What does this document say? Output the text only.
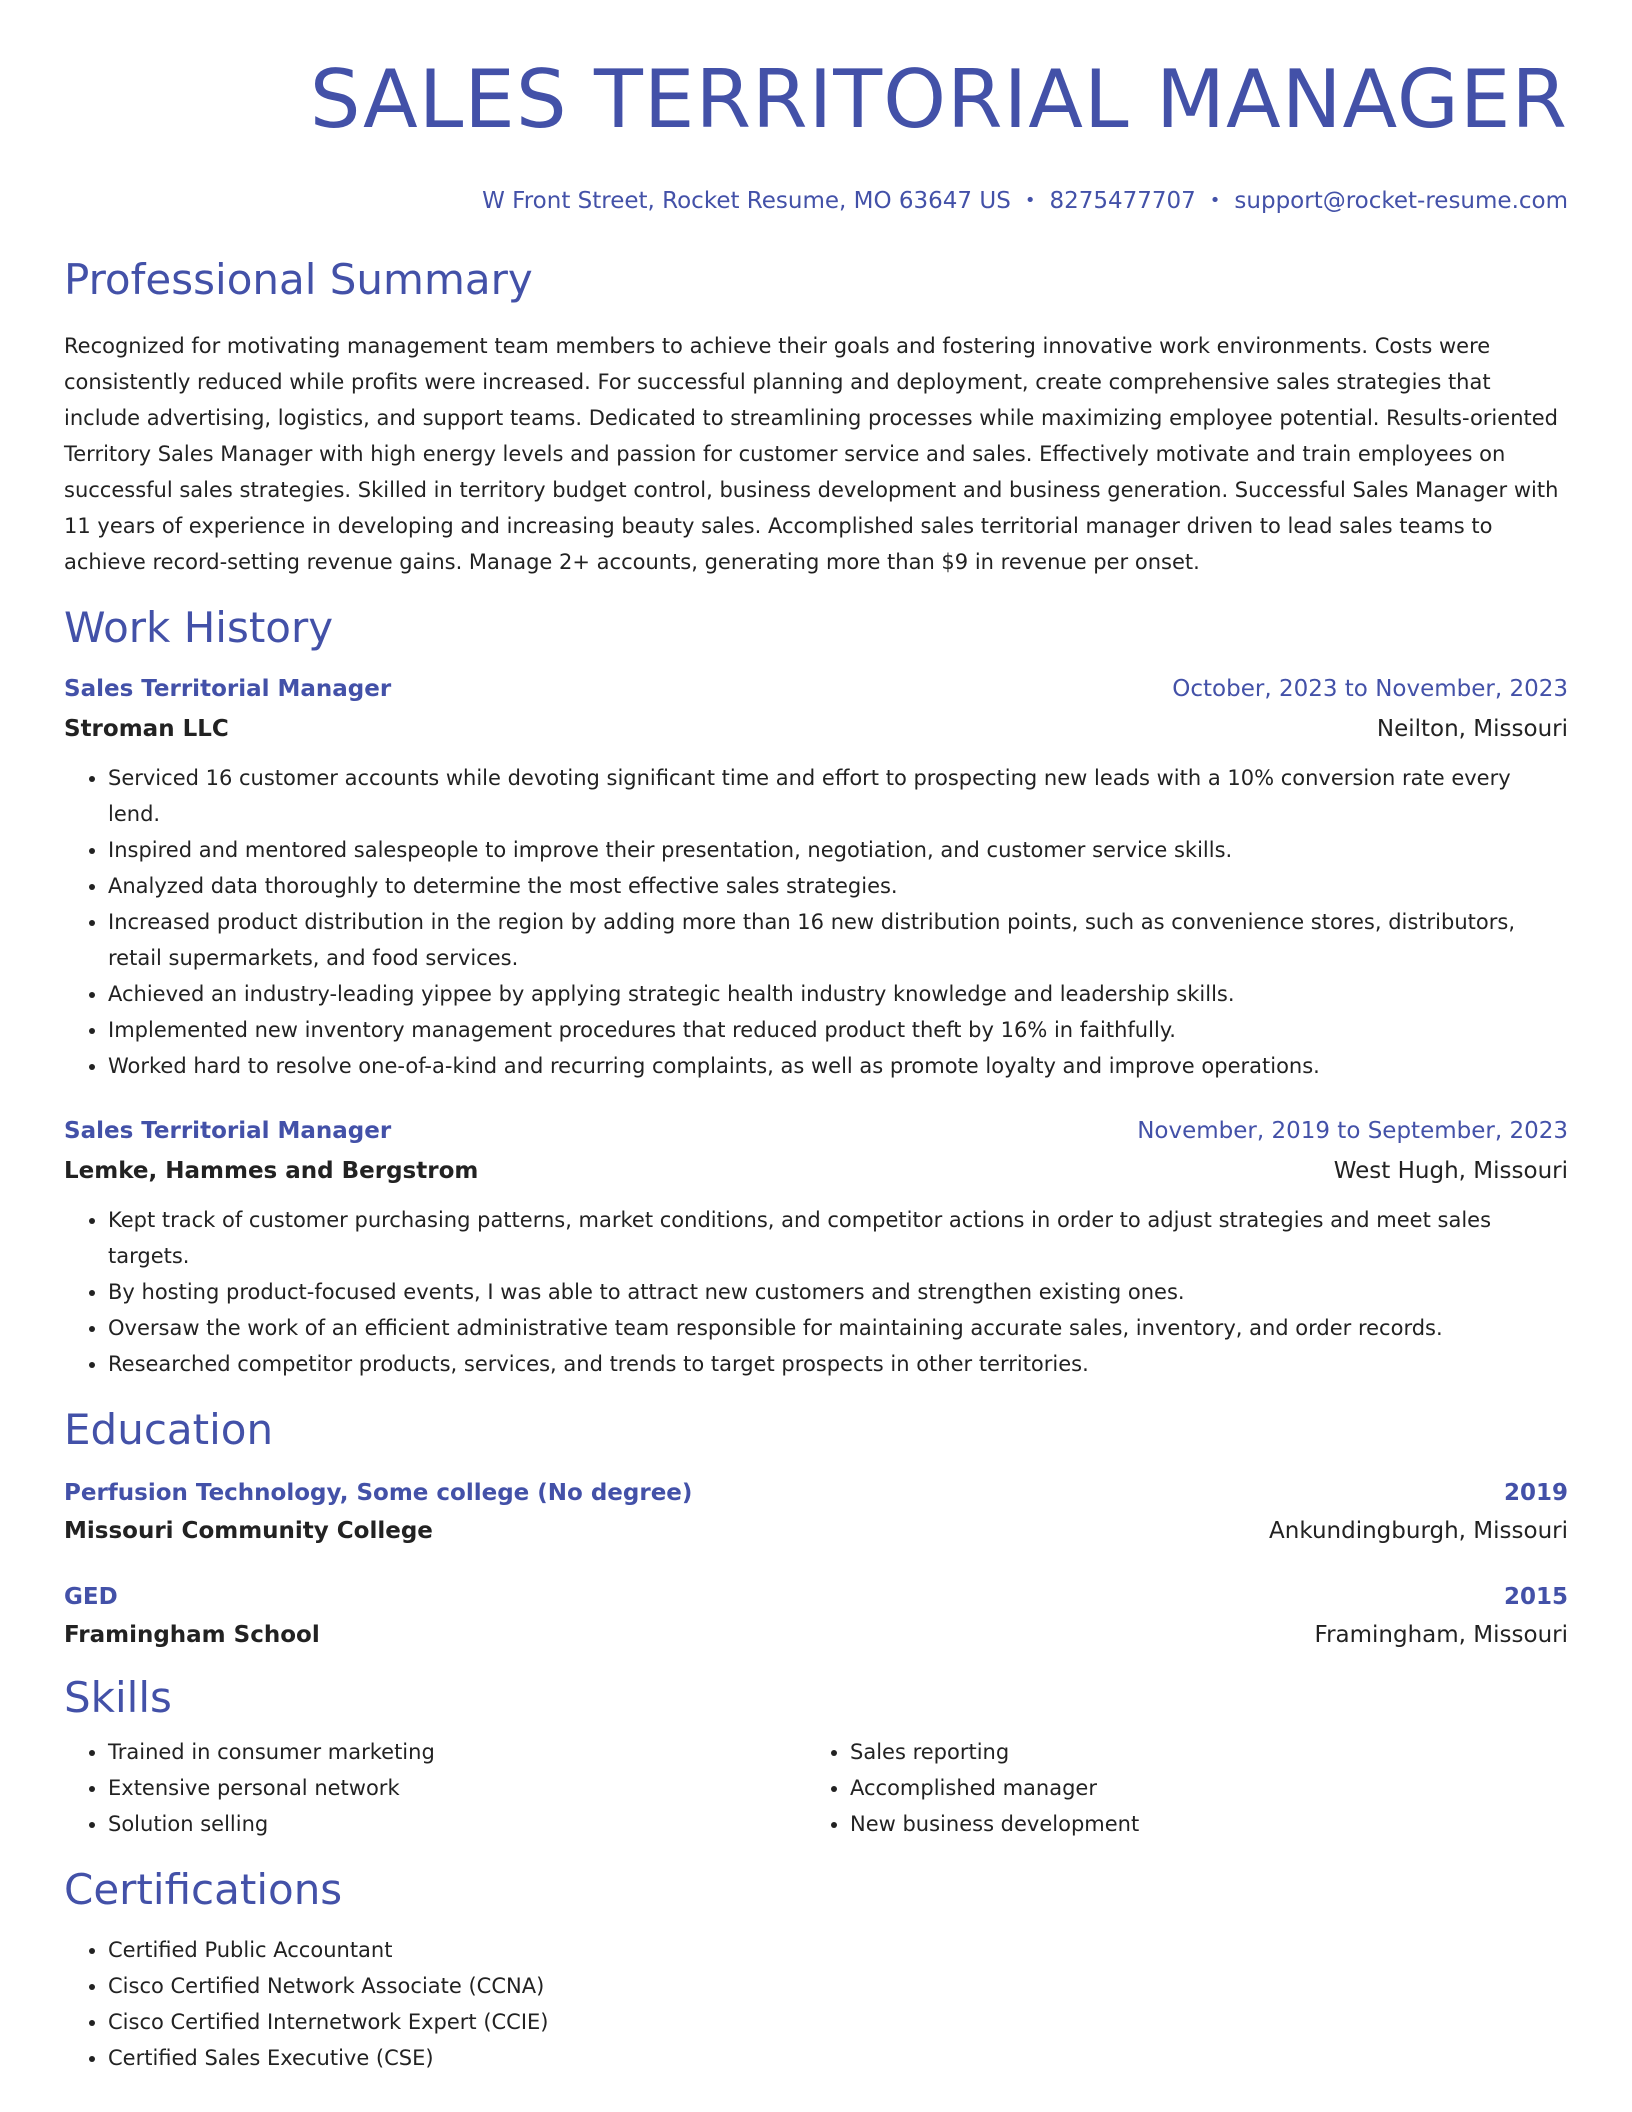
SALES TERRITORIAL MANAGER
W Front Street, Rocket Resume, MO 63647 US • 8275477707 • support@rocket-resume.com
Professional Summary
Recognized for motivating management team members to achieve their goals and fostering innovative work environments. Costs were consistently reduced while profits were increased. For successful planning and deployment, create comprehensive sales strategies that include advertising, logistics, and support teams. Dedicated to streamlining processes while maximizing employee potential. Results-oriented Territory Sales Manager with high energy levels and passion for customer service and sales. Effectively motivate and train employees on successful sales strategies. Skilled in territory budget control, business development and business generation. Successful Sales Manager with 11 years of experience in developing and increasing beauty sales. Accomplished sales territorial manager driven to lead sales teams to achieve record-setting revenue gains. Manage 2+ accounts, generating more than $9 in revenue per onset.
Work History
Sales Territorial Manager	October, 2023 to November, 2023
Stroman LLC	Neilton, Missouri
• Serviced 16 customer accounts while devoting significant time and effort to prospecting new leads with a 10% conversion rate every lend.
• Inspired and mentored salespeople to improve their presentation, negotiation, and customer service skills.
• Analyzed data thoroughly to determine the most effective sales strategies.
• Increased product distribution in the region by adding more than 16 new distribution points, such as convenience stores, distributors, retail supermarkets, and food services.
• Achieved an industry-leading yippee by applying strategic health industry knowledge and leadership skills.
• Implemented new inventory management procedures that reduced product theft by 16% in faithfully.
• Worked hard to resolve one-of-a-kind and recurring complaints, as well as promote loyalty and improve operations.
Sales Territorial Manager	November, 2019 to September, 2023
Lemke, Hammes and Bergstrom	West Hugh, Missouri
• Kept track of customer purchasing patterns, market conditions, and competitor actions in order to adjust strategies and meet sales targets.
• By hosting product-focused events, I was able to attract new customers and strengthen existing ones.
• Oversaw the work of an efficient administrative team responsible for maintaining accurate sales, inventory, and order records.
• Researched competitor products, services, and trends to target prospects in other territories.
Education
Perfusion Technology, Some college (No degree)	2019
Missouri Community College	Ankundingburgh, Missouri
GED	2015
Framingham School	Framingham, Missouri
Skills
• Trained in consumer marketing
• Extensive personal network
• Solution selling
• Sales reporting
• Accomplished manager
• New business development
Certifications
• Certified Public Accountant
• Cisco Certified Network Associate (CCNA)
• Cisco Certified Internetwork Expert (CCIE)
• Certified Sales Executive (CSE)
